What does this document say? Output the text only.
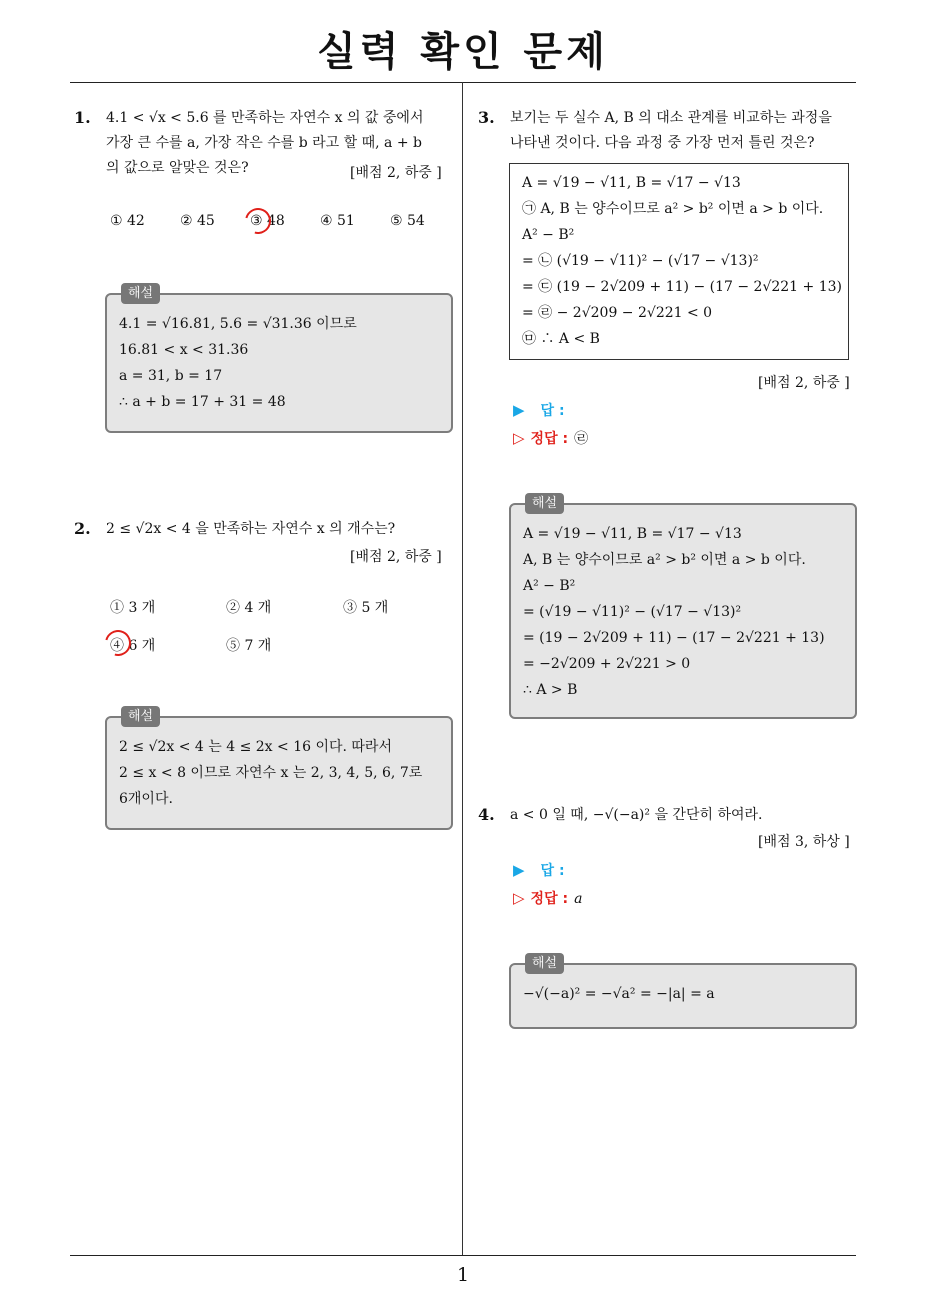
실력 확인 문제
1
1. 4.1 < √x < 5.6 를 만족하는 자연수 x 의 값 중에서
가장 큰 수를 a, 가장 작은 수를 b 라고 할 때, a + b
의 값으로 알맞은 것은?	[배점 2, 하중 ]
① 42	② 45	③ 48	④ 51	⑤ 54
해설
4.1 = √16.81, 5.6 = √31.36 이므로
16.81 < x < 31.36
a = 31, b = 17
∴ a + b = 17 + 31 = 48
2. 2 ≤ √2x < 4 을 만족하는 자연수 x 의 개수는?
[배점 2, 하중 ]
① 3 개	② 4 개	③ 5 개
④ 6 개	⑤ 7 개
해설
2 ≤ √2x < 4 는 4 ≤ 2x < 16 이다. 따라서
2 ≤ x < 8 이므로 자연수 x 는 2, 3, 4, 5, 6, 7로
6개이다.
3. 보기는 두 실수 A, B 의 대소 관계를 비교하는 과정을
나타낸 것이다. 다음 과정 중 가장 먼저 틀린 것은?
A = √19 − √11, B = √17 − √13
㉠ A, B 는 양수이므로 a² > b² 이면 a > b 이다.
A² − B²
= ㉡ (√19 − √11)² − (√17 − √13)²
= ㉢ (19 − 2√209 + 11) − (17 − 2√221 + 13)
= ㉣ − 2√209 − 2√221 < 0
㉤ ∴ A < B
[배점 2, 하중 ]
▶ 답 :
▷ 정답 : ㉣
해설
A = √19 − √11, B = √17 − √13
A, B 는 양수이므로 a² > b² 이면 a > b 이다.
A² − B²
= (√19 − √11)² − (√17 − √13)²
= (19 − 2√209 + 11) − (17 − 2√221 + 13)
= −2√209 + 2√221 > 0
∴ A > B
4. a < 0 일 때, −√(−a)² 을 간단히 하여라.
[배점 3, 하상 ]
▶ 답 :
▷ 정답 : a
해설
−√(−a)² = −√a² = −|a| = a
